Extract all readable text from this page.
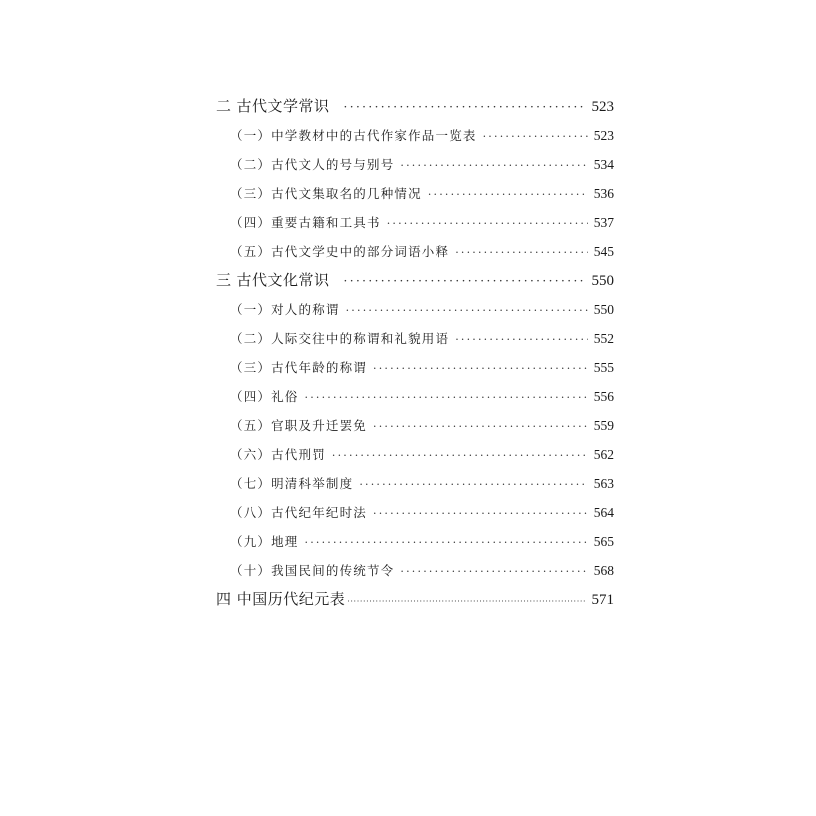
二 古代文学常识 ·····	523
（一）中学教材中的古代作家作品一览表 ·····	523
（二）古代文人的号与别号 ·····	534
（三）古代文集取名的几种情况 ·····	536
（四）重要古籍和工具书 ·····	537
（五）古代文学史中的部分词语小释 ·····	545
三 古代文化常识 ·····	550
（一）对人的称谓 ·····	550
（二）人际交往中的称谓和礼貌用语 ·····	552
（三）古代年龄的称谓 ·····	555
（四）礼俗 ·····	556
（五）官职及升迁罢免 ·····	559
（六）古代刑罚 ·····	562
（七）明清科举制度 ·····	563
（八）古代纪年纪时法 ·····	564
（九）地理 ·····	565
（十）我国民间的传统节令 ·····	568
四 中国历代纪元表 ·····	571
